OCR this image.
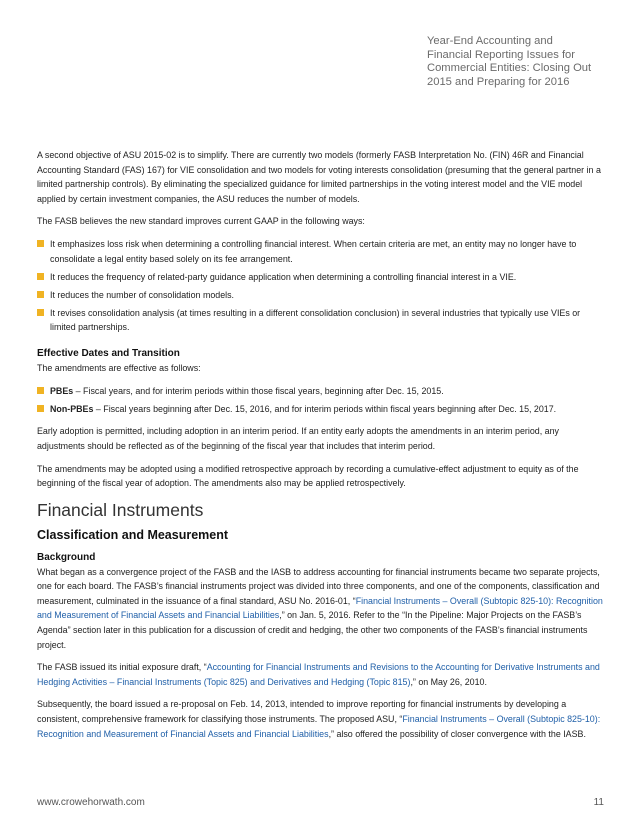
Year-End Accounting and
Financial Reporting Issues for
Commercial Entities: Closing Out
2015 and Preparing for 2016

A second objective of ASU 2015-02 is to simplify. There are currently two models (formerly FASB Interpretation No. (FIN) 46R and Financial Accounting Standard (FAS) 167) for VIE consolidation and two models for voting interests consolidation (presuming that the general partner in a limited partnership controls). By eliminating the specialized guidance for limited partnerships in the voting interest model and the VIE model applied by certain investment companies, the ASU reduces the number of models.

The FASB believes the new standard improves current GAAP in the following ways:

It emphasizes loss risk when determining a controlling financial interest. When certain criteria are met, an entity may no longer have to consolidate a legal entity based solely on its fee arrangement.
It reduces the frequency of related-party guidance application when determining a controlling financial interest in a VIE.
It reduces the number of consolidation models.
It revises consolidation analysis (at times resulting in a different consolidation conclusion) in several industries that typically use VIEs or limited partnerships.
Effective Dates and Transition

The amendments are effective as follows:

PBEs – Fiscal years, and for interim periods within those fiscal years, beginning after Dec. 15, 2015.
Non-PBEs – Fiscal years beginning after Dec. 15, 2016, and for interim periods within fiscal years beginning after Dec. 15, 2017.

Early adoption is permitted, including adoption in an interim period. If an entity early adopts the amendments in an interim period, any adjustments should be reflected as of the beginning of the fiscal year that includes that interim period.

The amendments may be adopted using a modified retrospective approach by recording a cumulative-effect adjustment to equity as of the beginning of the fiscal year of adoption. The amendments also may be applied retrospectively.

Financial Instruments
Classification and Measurement
Background

What began as a convergence project of the FASB and the IASB to address accounting for financial instruments became two separate projects, one for each board. The FASB’s financial instruments project was divided into three components, and one of the components, classification and measurement, culminated in the issuance of a final standard, ASU No. 2016-01, “Financial Instruments – Overall (Subtopic 825-10): Recognition and Measurement of Financial Assets and Financial Liabilities,” on Jan. 5, 2016. Refer to the “In the Pipeline: Major Projects on the FASB’s Agenda” section later in this publication for a discussion of credit and hedging, the other two components of the FASB’s financial instruments project.

The FASB issued its initial exposure draft, “Accounting for Financial Instruments and Revisions to the Accounting for Derivative Instruments and Hedging Activities – Financial Instruments (Topic 825) and Derivatives and Hedging (Topic 815),” on May 26, 2010.

Subsequently, the board issued a re-proposal on Feb. 14, 2013, intended to improve reporting for financial instruments by developing a consistent, comprehensive framework for classifying those instruments. The proposed ASU, “Financial Instruments – Overall (Subtopic 825-10): Recognition and Measurement of Financial Assets and Financial Liabilities,” also offered the possibility of closer convergence with the IASB.

www.crowehorwath.com	11
